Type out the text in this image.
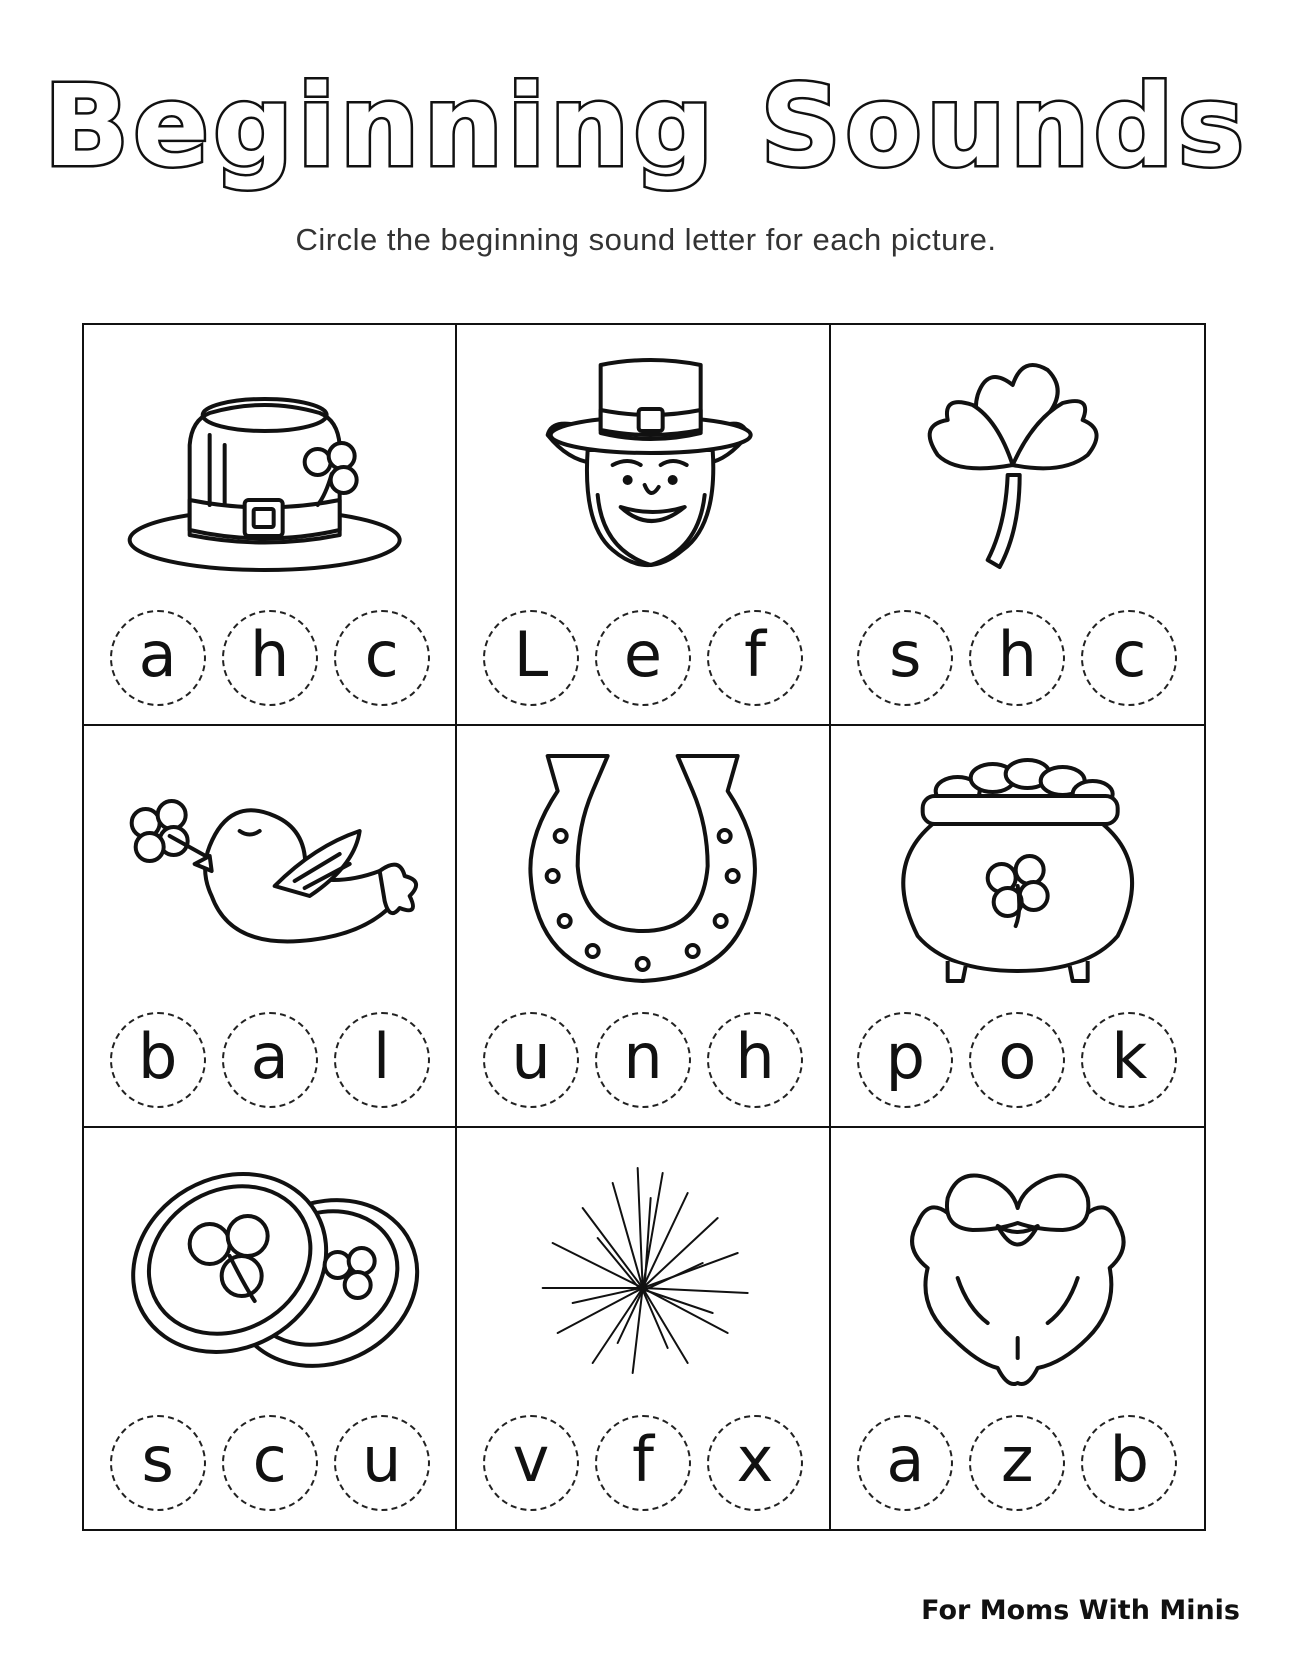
Beginning Sounds
Circle the beginning sound letter for each picture.
a	h	c	L	e	f	s	h	c
b	a	l	u	n	h	p	o	k
s	c	u	v	f	x	a	z	b
For Moms With Minis
